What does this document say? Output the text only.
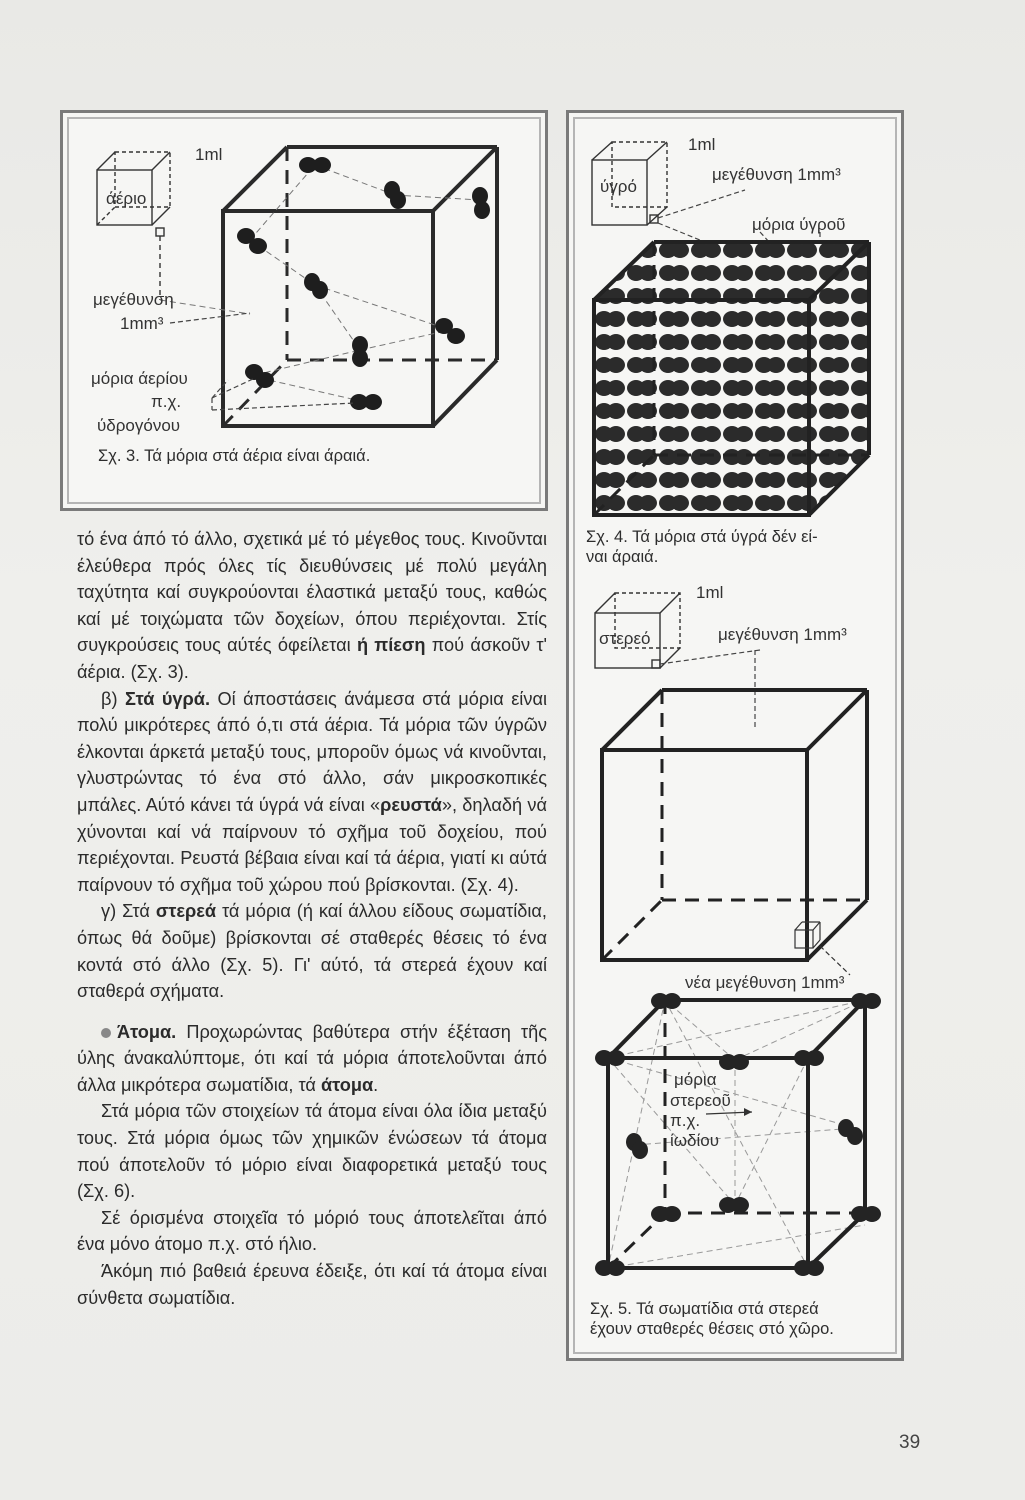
1ml
άέριο
μεγέθυνση
1mm³
μόρια άερίου
π.χ.
ύδρογόνου
Σχ. 3. Τά μόρια στά άέρια είναι άραιά.
1ml
ύγρό
μεγέθυνση 1mm³
μόρια ύγροῦ
Σχ. 4. Τά μόρια στά ύγρά δέν εί-
ναι άραιά.
1ml
στερεό	μεγέθυνση 1mm³
νέα μεγέθυνση 1mm³
μόρια
στερεοῦ
π.χ.
ίωδίου
Σχ. 5. Τά σωματίδια στά στερεά
έχουν σταθερές θέσεις στό χῶρο.

τό ένα άπό τό άλλο, σχετικά μέ τό μέγεθος τους. Κινοῦνται έλεύθερα πρός όλες τίς διευθύνσεις μέ πολύ μεγάλη ταχύτητα καί συγκρούονται έλαστικά μεταξύ τους, καθώς καί μέ τοιχώματα τῶν δοχείων, όπου περιέχονται. Στίς συγκρούσεις τους αύτές όφείλεται ή πίεση πού άσκοῦν τ' άέρια. (Σχ. 3).

β) Στά ύγρά. Οί άποστάσεις άνάμεσα στά μόρια είναι πολύ μικρότερες άπό ό,τι στά άέρια. Τά μόρια τῶν ύγρῶν έλκονται άρκετά μεταξύ τους, μποροῦν όμως νά κινοῦνται, γλυστρώντας τό ένα στό άλλο, σάν μικροσκοπικές μπάλες. Αύτό κάνει τά ύγρά νά είναι «ρευστά», δηλαδή νά χύνονται καί νά παίρνουν τό σχῆμα τοῦ δοχείου, πού περιέχονται. Ρευστά βέβαια είναι καί τά άέρια, γιατί κι αύτά παίρνουν τό σχῆμα τοῦ χώρου πού βρίσκονται. (Σχ. 4).

γ) Στά στερεά τά μόρια (ή καί άλλου είδους σωματίδια, όπως θά δοῦμε) βρίσκονται σέ σταθερές θέσεις τό ένα κοντά στό άλλο (Σχ. 5). Γι' αύτό, τά στερεά έχουν καί σταθερά σχήματα.

Άτομα. Προχωρώντας βαθύτερα στήν έξέταση τῆς ύλης άνακαλύπτομε, ότι καί τά μόρια άποτελοῦνται άπό άλλα μικρότερα σωματίδια, τά άτομα.

Στά μόρια τῶν στοιχείων τά άτομα είναι όλα ίδια μεταξύ τους. Στά μόρια όμως τῶν χημικῶν ένώσεων τά άτομα πού άποτελοῦν τό μόριο είναι διαφορετικά μεταξύ τους (Σχ. 6).

Σέ όρισμένα στοιχεῖα τό μόριό τους άποτελεῖται άπό ένα μόνο άτομο π.χ. στό ήλιο.

Άκόμη πιό βαθειά έρευνα έδειξε, ότι καί τά άτομα είναι σύνθετα σωματίδια.

39
